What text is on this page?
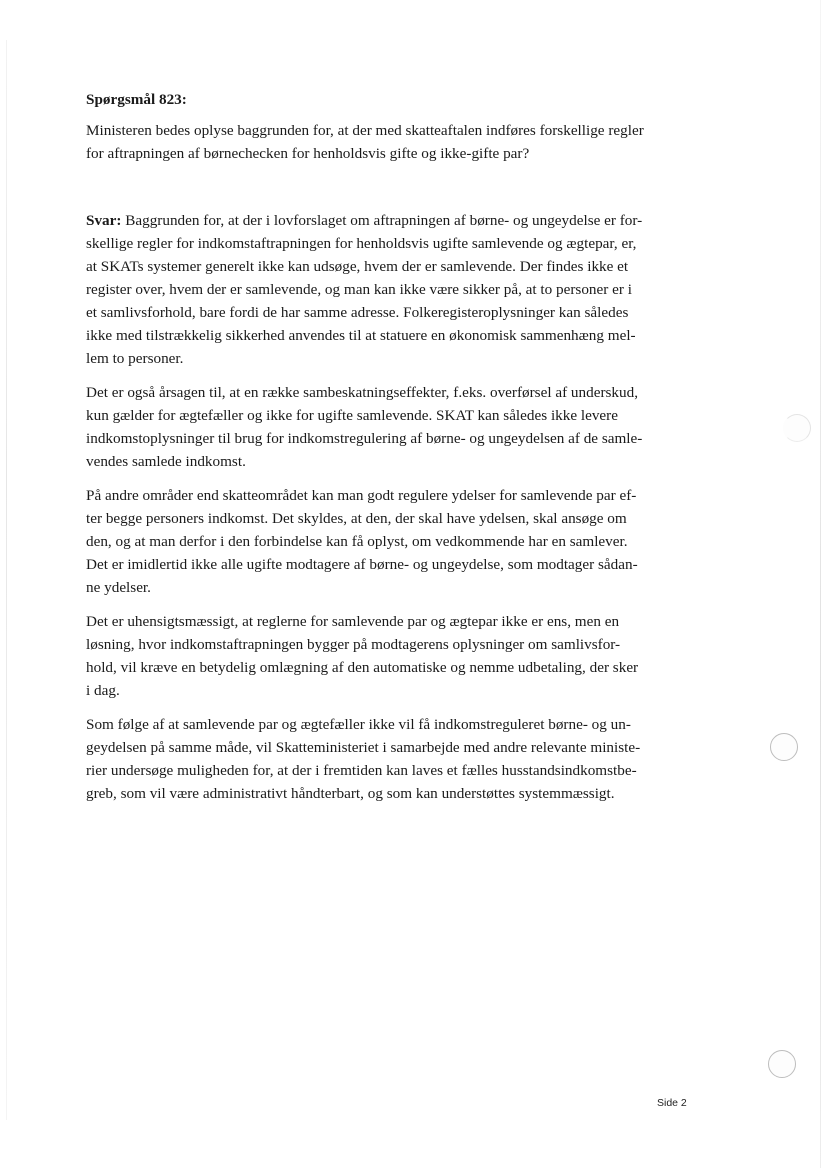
Spørgsmål 823:

Ministeren bedes oplyse baggrunden for, at der med skatteaftalen indføres forskellige regler
for aftrapningen af børnechecken for henholdsvis gifte og ikke-gifte par?

Svar: Baggrunden for, at der i lovforslaget om aftrapningen af børne- og ungeydelse er for-
skellige regler for indkomstaftrapningen for henholdsvis ugifte samlevende og ægtepar, er,
at SKATs systemer generelt ikke kan udsøge, hvem der er samlevende. Der findes ikke et
register over, hvem der er samlevende, og man kan ikke være sikker på, at to personer er i
et samlivsforhold, bare fordi de har samme adresse. Folkeregisteroplysninger kan således
ikke med tilstrækkelig sikkerhed anvendes til at statuere en økonomisk sammenhæng mel-
lem to personer.

Det er også årsagen til, at en række sambeskatningseffekter, f.eks. overførsel af underskud,
kun gælder for ægtefæller og ikke for ugifte samlevende. SKAT kan således ikke levere
indkomstoplysninger til brug for indkomstregulering af børne- og ungeydelsen af de samle-
vendes samlede indkomst.

På andre områder end skatteområdet kan man godt regulere ydelser for samlevende par ef-
ter begge personers indkomst. Det skyldes, at den, der skal have ydelsen, skal ansøge om
den, og at man derfor i den forbindelse kan få oplyst, om vedkommende har en samlever.
Det er imidlertid ikke alle ugifte modtagere af børne- og ungeydelse, som modtager sådan-
ne ydelser.

Det er uhensigtsmæssigt, at reglerne for samlevende par og ægtepar ikke er ens, men en
løsning, hvor indkomstaftrapningen bygger på modtagerens oplysninger om samlivsfor-
hold, vil kræve en betydelig omlægning af den automatiske og nemme udbetaling, der sker
i dag.

Som følge af at samlevende par og ægtefæller ikke vil få indkomstreguleret børne- og un-
geydelsen på samme måde, vil Skatteministeriet i samarbejde med andre relevante ministe-
rier undersøge muligheden for, at der i fremtiden kan laves et fælles husstandsindkomstbe-
greb, som vil være administrativt håndterbart, og som kan understøttes systemmæssigt.

Side 2
